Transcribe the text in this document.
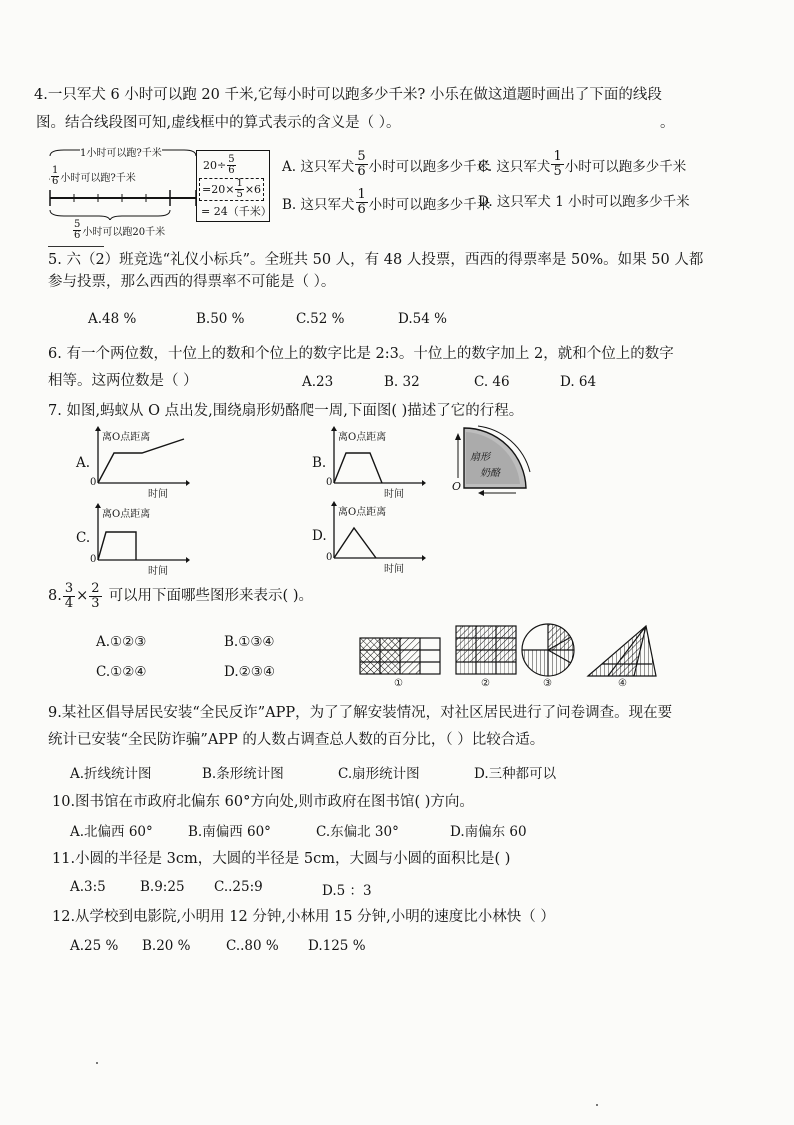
4.一只军犬 6 小时可以跑 20 千米,它每小时可以跑多少千米? 小乐在做这道题时画出了下面的线段
图。结合线段图可知,虚线框中的算式表示的含义是（ ）。	。
1小时可以跑?千米
$\frac{1}{6}$ 小时可以跑?千米
$\frac{5}{6}$ 小时可以跑20千米
$20\div \frac{5}{6}$
$=20\times \frac{1}{5} \times 6$
= 24（千米）
A. 这只军犬
5
6 小时可以跑多少千米
C. 这只军犬
1
5 小时可以跑多少千米
B. 这只军犬
1
6 小时可以跑多少千米
D. 这只军犬 1 小时可以跑多少千米
5. 六（2）班竞选“礼仪小标兵”。全班共 50 人，有 48 人投票，西西的得票率是 50%。如果 50 人都
参与投票，那么西西的得票率不可能是（ ）。
A.48 %	B.50 %	C.52 %	D.54 %
6. 有一个两位数，十位上的数和个位上的数字比是 2:3。十位上的数字加上 2，就和个位上的数字
相等。这两位数是（ ）	A.23	B. 32	C. 46	D. 64
7. 如图,蚂蚁从 O 点出发,围绕扇形奶酪爬一周,下面图( )描述了它的行程。
A.
离O点距离
时间
0
B.
离O点距离
时间
0
扇形
奶酪
O
C.
离O点距离
时间
0
D.
离O点距离
时间
0
8. $\frac{3}{4} \times \frac{2}{3}$ 可以用下面哪些图形来表示( )。
A.①②③	B.①③④
C.①②④	D.②③④
①	②	③	④
9.某社区倡导居民安装“全民反诈”APP，为了了解安装情况，对社区居民进行了问卷调查。现在要
统计已安装“全民防诈骗”APP 的人数占调查总人数的百分比，（ ）比较合适。
A.折线统计图	B.条形统计图	C.扇形统计图	D.三种都可以
10.图书馆在市政府北偏东 60°方向处,则市政府在图书馆( )方向。
A.北偏西 60°	B.南偏西 60°	C.东偏北 30°	D.南偏东 60
11.小圆的半径是 3cm，大圆的半径是 5cm，大圆与小圆的面积比是( )
A.3:5	B.9:25 C..25:9	D.5 ：3
12.从学校到电影院,小明用 12 分钟,小林用 15 分钟,小明的速度比小林快（ ）
A.25 % B.20 %	C..80 % D.125 %
